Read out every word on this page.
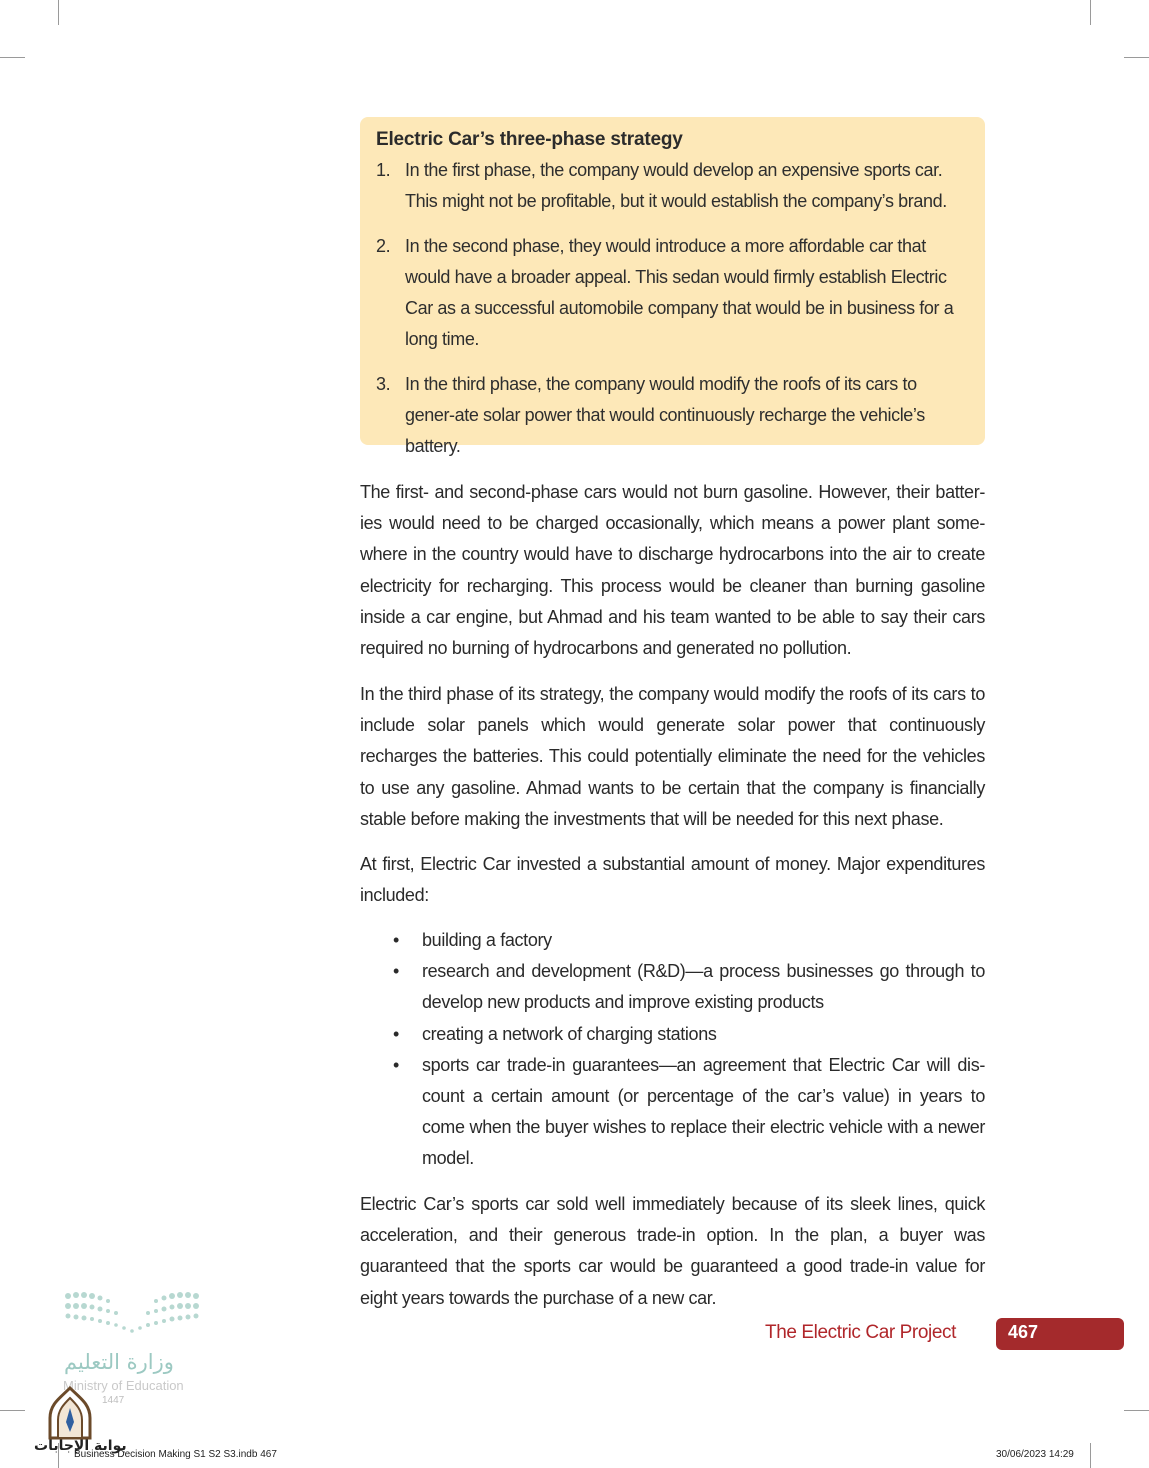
Electric Car’s three-phase strategy
1. In the first phase, the company would develop an expensive sports car. This might not be profitable, but it would establish the company’s brand.
2. In the second phase, they would introduce a more affordable car that would have a broader appeal. This sedan would firmly establish Electric Car as a successful automobile company that would be in business for a long time.
3. In the third phase, the company would modify the roofs of its cars to gener-ate solar power that would continuously recharge the vehicle’s battery.

The first- and second-phase cars would not burn gasoline. However, their batter-ies would need to be charged occasionally, which means a power plant some-where in the country would have to discharge hydrocarbons into the air to create electricity for recharging. This process would be cleaner than burning gasoline inside a car engine, but Ahmad and his team wanted to be able to say their cars required no burning of hydrocarbons and generated no pollution.

In the third phase of its strategy, the company would modify the roofs of its cars to include solar panels which would generate solar power that continuously recharges the batteries. This could potentially eliminate the need for the vehicles to use any gasoline. Ahmad wants to be certain that the company is financially stable before making the investments that will be needed for this next phase.

At first, Electric Car invested a substantial amount of money. Major expenditures included:

• building a factory
• research and development (R&D)—a process businesses go through to develop new products and improve existing products
• creating a network of charging stations
• sports car trade-in guarantees—an agreement that Electric Car will dis-count a certain amount (or percentage of the car’s value) in years to come when the buyer wishes to replace their electric vehicle with a newer model.

Electric Car’s sports car sold well immediately because of its sleek lines, quick acceleration, and their generous trade-in option. In the plan, a buyer was guaranteed that the sports car would be guaranteed a good trade-in value for eight years towards the purchase of a new car.

The Electric Car Project	467
وزارة التعليم
Ministry of Education
1447
بوابة الإجابات
Business Decision Making S1 S2 S3.indb 467	30/06/2023 14:29
